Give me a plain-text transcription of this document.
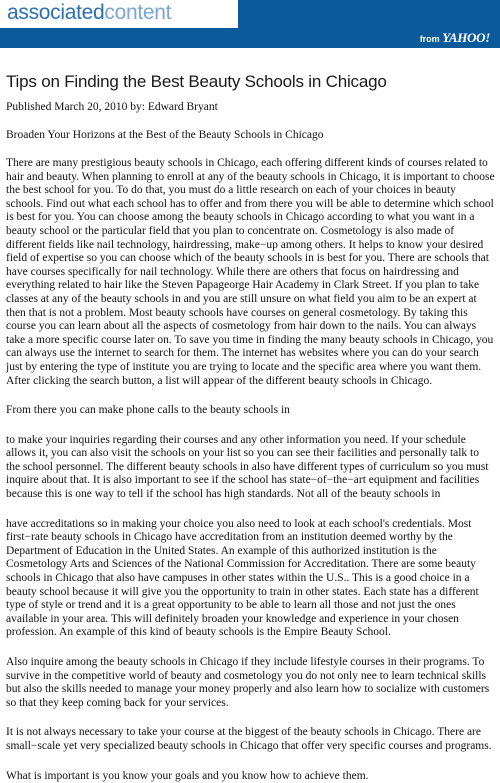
associatedcontent
from YAHOO!
Tips on Finding the Best Beauty Schools in Chicago
Published March 20, 2010 by: Edward Bryant
Broaden Your Horizons at the Best of the Beauty Schools in Chicago

There are many prestigious beauty schools in Chicago, each offering different kinds of courses related to hair and beauty. When planning to enroll at any of the beauty schools in Chicago, it is important to choose the best school for you. To do that, you must do a little research on each of your choices in beauty schools. Find out what each school has to offer and from there you will be able to determine which school is best for you. You can choose among the beauty schools in Chicago according to what you want in a beauty school or the particular field that you plan to concentrate on. Cosmetology is also made of different fields like nail technology, hairdressing, make−up among others. It helps to know your desired field of expertise so you can choose which of the beauty schools in is best for you. There are schools that have courses specifically for nail technology. While there are others that focus on hairdressing and everything related to hair like the Steven Papageorge Hair Academy in Clark Street. If you plan to take classes at any of the beauty schools in and you are still unsure on what field you aim to be an expert at then that is not a problem. Most beauty schools have courses on general cosmetology. By taking this course you can learn about all the aspects of cosmetology from hair down to the nails. You can always take a more specific course later on. To save you time in finding the many beauty schools in Chicago, you can always use the internet to search for them. The internet has websites where you can do your search just by entering the type of institute you are trying to locate and the specific area where you want them. After clicking the search button, a list will appear of the different beauty schools in Chicago.

From there you can make phone calls to the beauty schools in

to make your inquiries regarding their courses and any other information you need. If your schedule allows it, you can also visit the schools on your list so you can see their facilities and personally talk to the school personnel. The different beauty schools in also have different types of curriculum so you must inquire about that. It is also important to see if the school has state−of−the−art equipment and facilities because this is one way to tell if the school has high standards. Not all of the beauty schools in

have accreditations so in making your choice you also need to look at each school's credentials. Most first−rate beauty schools in Chicago have accreditation from an institution deemed worthy by the Department of Education in the United States. An example of this authorized institution is the Cosmetology Arts and Sciences of the National Commission for Accreditation. There are some beauty schools in Chicago that also have campuses in other states within the U.S.. This is a good choice in a beauty school because it will give you the opportunity to train in other states. Each state has a different type of style or trend and it is a great opportunity to be able to learn all those and not just the ones available in your area. This will definitely broaden your knowledge and experience in your chosen profession. An example of this kind of beauty schools is the Empire Beauty School.

Also inquire among the beauty schools in Chicago if they include lifestyle courses in their programs. To survive in the competitive world of beauty and cosmetology you do not only nee to learn technical skills but also the skills needed to manage your money properly and also learn how to socialize with customers so that they keep coming back for your services.

It is not always necessary to take your course at the biggest of the beauty schools in Chicago. There are small−scale yet very specialized beauty schools in Chicago that offer very specific courses and programs.

What is important is you know your goals and you know how to achieve them.
